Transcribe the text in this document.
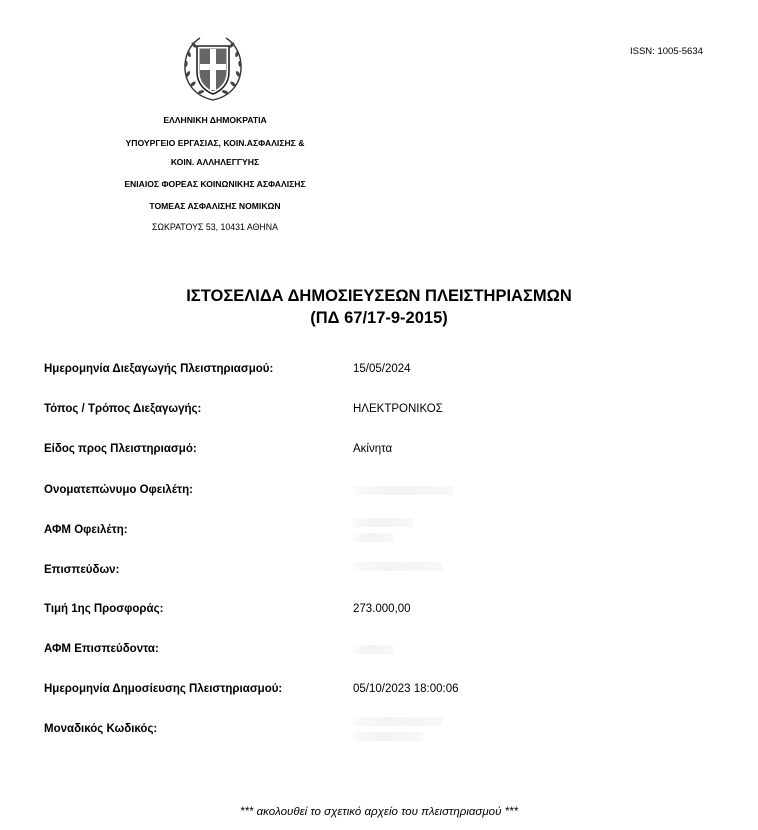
ISSN: 1005-5634
ΕΛΛΗΝΙΚΗ ΔΗΜΟΚΡΑΤΙΑ
ΥΠΟΥΡΓΕΙΟ ΕΡΓΑΣΙΑΣ, ΚΟΙΝ.ΑΣΦΑΛΙΣΗΣ &
ΚΟΙΝ. ΑΛΛΗΛΕΓΓΥΗΣ
ΕΝΙΑΙΟΣ ΦΟΡΕΑΣ ΚΟΙΝΩΝΙΚΗΣ ΑΣΦΑΛΙΣΗΣ
ΤΟΜΕΑΣ ΑΣΦΑΛΙΣΗΣ ΝΟΜΙΚΩΝ
ΣΩΚΡΑΤΟΥΣ 53, 10431 ΑΘΗΝΑ
ΙΣΤΟΣΕΛΙΔΑ ΔΗΜΟΣΙΕΥΣΕΩΝ ΠΛΕΙΣΤΗΡΙΑΣΜΩΝ
(ΠΔ 67/17-9-2015)
Ημερομηνία Διεξαγωγής Πλειστηριασμού:	15/05/2024
Τόπος / Τρόπος Διεξαγωγής:	ΗΛΕΚΤΡΟΝΙΚΟΣ
Είδος προς Πλειστηριασμό:	Ακίνητα
Ονοματεπώνυμο Οφειλέτη:
ΑΦΜ Οφειλέτη:
Επισπεύδων:
Τιμή 1ης Προσφοράς:	273.000,00
ΑΦΜ Επισπεύδοντα:
Ημερομηνία Δημοσίευσης Πλειστηριασμού:	05/10/2023 18:00:06
Μοναδικός Κωδικός:
*** ακολουθεί το σχετικό αρχείο του πλειστηριασμού ***
